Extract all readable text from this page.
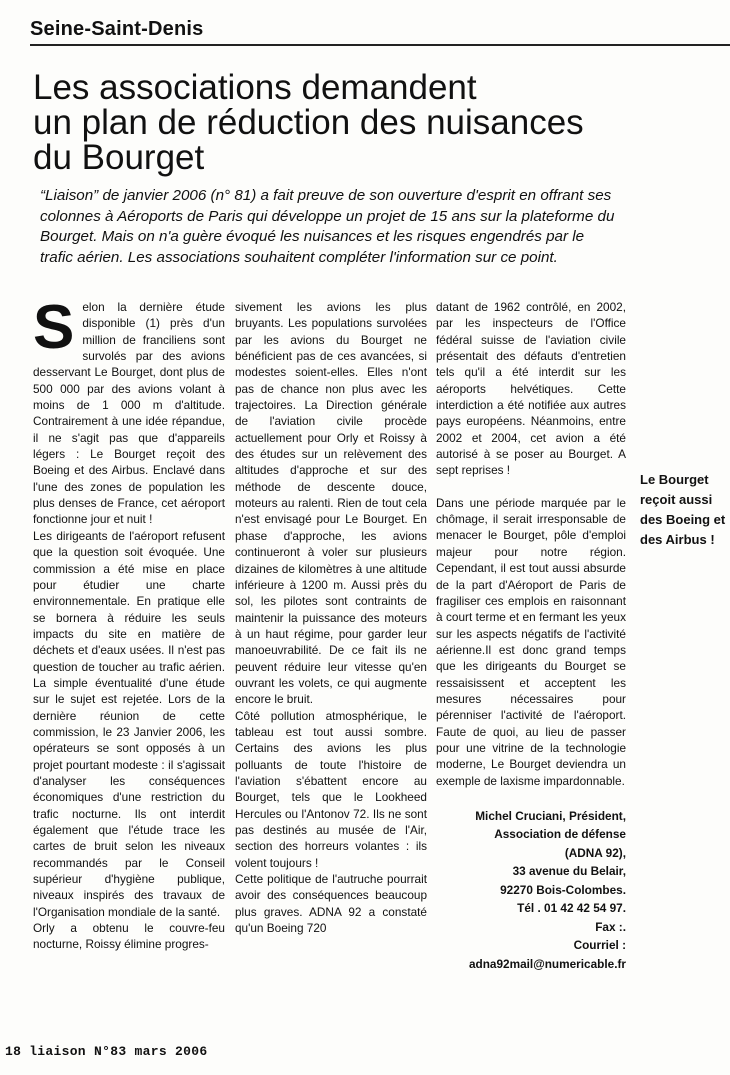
Seine-Saint-Denis
Les associations demandent
un plan de réduction des nuisances
du Bourget

“Liaison” de janvier 2006 (n° 81) a fait preuve de son ouverture d'esprit en offrant ses colonnes à Aéroports de Paris qui développe un projet de 15 ans sur la plateforme du Bourget. Mais on n'a guère évoqué les nuisances et les risques engendrés par le trafic aérien. Les associations souhaitent compléter l'information sur ce point.

Selon la dernière étude disponible (1) près d'un million de franciliens sont survolés par des avions desservant Le Bourget, dont plus de 500 000 par des avions volant à moins de 1 000 m d'altitude. Contrairement à une idée répandue, il ne s'agit pas que d'appareils légers : Le Bourget reçoit des Boeing et des Airbus. Enclavé dans l'une des zones de population les plus denses de France, cet aéroport fonctionne jour et nuit !

Les dirigeants de l'aéroport refusent que la question soit évoquée. Une commission a été mise en place pour étudier une charte environnementale. En pratique elle se bornera à réduire les seuls impacts du site en matière de déchets et d'eaux usées. Il n'est pas question de toucher au trafic aérien. La simple éventualité d'une étude sur le sujet est rejetée. Lors de la dernière réunion de cette commission, le 23 Janvier 2006, les opérateurs se sont opposés à un projet pourtant modeste : il s'agissait d'analyser les conséquences économiques d'une restriction du trafic nocturne. Ils ont interdit également que l'étude trace les cartes de bruit selon les niveaux recommandés par le Conseil supérieur d'hygiène publique, niveaux inspirés des travaux de l'Organisation mondiale de la santé.

Orly a obtenu le couvre-feu nocturne, Roissy élimine progres-

sivement les avions les plus bruyants. Les populations survolées par les avions du Bourget ne bénéficient pas de ces avancées, si modestes soient-elles. Elles n'ont pas de chance non plus avec les trajectoires. La Direction générale de l'aviation civile procède actuellement pour Orly et Roissy à des études sur un relèvement des altitudes d'approche et sur des méthode de descente douce, moteurs au ralenti. Rien de tout cela n'est envisagé pour Le Bourget. En phase d'approche, les avions continueront à voler sur plusieurs dizaines de kilomètres à une altitude inférieure à 1200 m. Aussi près du sol, les pilotes sont contraints de maintenir la puissance des moteurs à un haut régime, pour garder leur manoeuvrabilité. De ce fait ils ne peuvent réduire leur vitesse qu'en ouvrant les volets, ce qui augmente encore le bruit.

Côté pollution atmosphérique, le tableau est tout aussi sombre. Certains des avions les plus polluants de toute l'histoire de l'aviation s'ébattent encore au Bourget, tels que le Lookheed Hercules ou l'Antonov 72. Ils ne sont pas destinés au musée de l'Air, section des horreurs volantes : ils volent toujours !

Cette politique de l'autruche pourrait avoir des conséquences beaucoup plus graves. ADNA 92 a constaté qu'un Boeing 720

datant de 1962 contrôlé, en 2002, par les inspecteurs de l'Office fédéral suisse de l'aviation civile présentait des défauts d'entretien tels qu'il a été interdit sur les aéroports helvétiques. Cette interdiction a été notifiée aux autres pays européens. Néanmoins, entre 2002 et 2004, cet avion a été autorisé à se poser au Bourget. A sept reprises !

Dans une période marquée par le chômage, il serait irresponsable de menacer le Bourget, pôle d'emploi majeur pour notre région. Cependant, il est tout aussi absurde de la part d'Aéroport de Paris de fragiliser ces emplois en raisonnant à court terme et en fermant les yeux sur les aspects négatifs de l'activité aérienne.Il est donc grand temps que les dirigeants du Bourget se ressaisissent et acceptent les mesures nécessaires pour pérenniser l'activité de l'aéroport. Faute de quoi, au lieu de passer pour une vitrine de la technologie moderne, Le Bourget deviendra un exemple de laxisme impardonnable.

Michel Cruciani, Président,
Association de défense
(ADNA 92),
33 avenue du Belair,
92270 Bois-Colombes.
Tél . 01 42 42 54 97.
Fax :.
Courriel :
adna92mail@numericable.fr

Le Bourget reçoit aussi des Boeing et des Airbus !

18 liaison N°83 mars 2006
